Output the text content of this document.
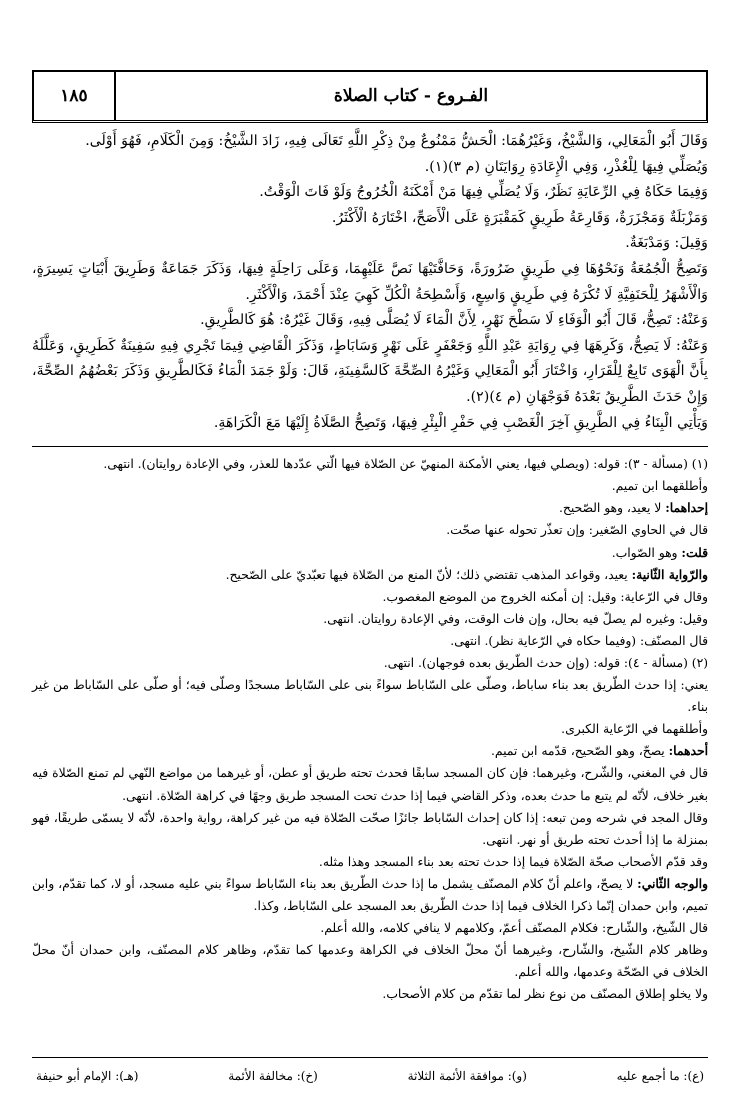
الفـروع - كتاب الصلاة
١٨٥

وَقَالَ أَبُو الْمَعَالِي، وَالشَّيْخُ، وَغَيْرُهُمَا: الْحَشُّ مَمْنُوعٌ مِنْ ذِكْرِ اللَّهِ تَعَالَى فِيهِ، زَادَ الشَّيْخُ: وَمِنَ الْكَلَامِ، فَهُوَ أَوْلَى.

وَيُصَلِّي فِيهَا لِلْعُذْرِ، وَفِي الْإِعَادَةِ رِوَايَتَانِ (م ٣)(١).

وَفِيمَا حَكَاهُ فِي الرِّعَايَةِ نَظَرٌ، وَلَا يُصَلِّي فِيهَا مَنْ أَمْكَنَهُ الْخُرُوجُ وَلَوْ فَاتَ الْوَقْتُ.

وَمَزْبَلَةٌ وَمَجْزَرَةٌ، وَقَارِعَةُ طَرِيقٍ كَمَقْبَرَةٍ عَلَى الْأَصَحِّ، اخْتَارَهُ الْأَكْثَرُ.

وَقِيلَ: وَمَدْبَغَةٌ.

وَتَصِحُّ الْجُمُعَةُ وَنَحْوُهَا فِي طَرِيقٍ ضَرُورَةً، وَحَافَّتَيْهَا نَصَّ عَلَيْهِمَا، وَعَلَى رَاحِلَةٍ فِيهَا، وَذَكَرَ جَمَاعَةٌ وَطَرِيقَ أَبْيَاتٍ يَسِيرَةٍ، وَالْأَشْهَرُ لِلْحَنَفِيَّةِ لَا تُكْرَهُ فِي طَرِيقٍ وَاسِعٍ، وَأَسْطِحَةُ الْكُلِّ كَهِيَ عِنْدَ أَحْمَدَ، وَالْأَكْثَرِ.

وَعَنْهُ: تَصِحُّ، قَالَ أَبُو الْوَفَاءِ لَا سَطْحَ نَهْرٍ، لِأَنَّ الْمَاءَ لَا يُصَلَّى فِيهِ، وَقَالَ غَيْرُهُ: هُوَ كَالطَّرِيقِ.

وَعَنْهُ: لَا يَصِحُّ، وَكَرِهَهَا فِي رِوَايَةِ عَبْدِ اللَّهِ وَجَعْفَرٍ عَلَى نَهْرٍ وَسَابَاطٍ، وَذَكَرَ الْقَاضِي فِيمَا تَجْرِي فِيهِ سَفِينَةٌ كَطَرِيقٍ، وَعَلَّلَهُ بِأَنَّ الْهَوَى تَابِعٌ لِلْقَرَارِ، وَاخْتَارَ أَبُو الْمَعَالِي وَغَيْرُهُ الصِّحَّةَ كَالسَّفِينَةِ، قَالَ: وَلَوْ جَمَدَ الْمَاءُ فَكَالطَّرِيقِ وَذَكَرَ بَعْضُهُمُ الصِّحَّةَ، وَإِنْ حَدَثَ الطَّرِيقُ بَعْدَهُ فَوَجْهَانِ (م ٤)(٢).

وَيَأْتِي الْبِنَاءُ فِي الطَّرِيقِ آخِرَ الْغَصْبِ فِي حَفْرِ الْبِئْرِ فِيهَا، وَتَصِحُّ الصَّلَاةُ إِلَيْهَا مَعَ الْكَرَاهَةِ.

(١) (مسألة - ٣): قوله: (ويصلي فيها، يعني الأمكنة المنهيّ عن الصّلاة فيها الّتي عدّدها للعذر، وفي الإعادة روايتان). انتهى.

وأطلقهما ابن تميم.

إحداهما: لا يعيد، وهو الصّحيح.

قال في الحاوي الصّغير: وإن تعذّر تحوله عنها صحّت.

قلت: وهو الصّواب.

والرّواية الثّانية: يعيد، وقواعد المذهب تقتضي ذلك؛ لأنّ المنع من الصّلاة فيها تعبّديّ على الصّحيح.

وقال في الرّعاية: وقيل: إن أمكنه الخروج من الموضع المغصوب.

وقيل: وغيره لم يصلّ فيه بحال، وإن فات الوقت، وفي الإعادة روايتان. انتهى.

قال المصنّف: (وفيما حكاه في الرّعاية نظر). انتهى.

(٢) (مسألة - ٤): قوله: (وإن حدث الطّريق بعده فوجهان). انتهى.

يعني: إذا حدث الطّريق بعد بناء ساباط، وصلّى على السّاباط سواءً بنى على السّاباط مسجدًا وصلّى فيه؛ أو صلّى على السّاباط من غير بناء.

وأطلقهما في الرّعاية الكبرى.

أحدهما: يصحّ، وهو الصّحيح، قدّمه ابن تميم.

قال في المغني، والشّرح، وغيرهما: فإن كان المسجد سابقًا فحدث تحته طريق أو عطن، أو غيرهما من مواضع النّهي لم تمنع الصّلاة فيه بغير خلاف، لأنّه لم يتبع ما حدث بعده، وذكر القاضي فيما إذا حدث تحت المسجد طريق وجهًا في كراهة الصّلاة. انتهى.

وقال المجد في شرحه ومن تبعه: إذا كان إحداث السّاباط جائزًا صحّت الصّلاة فيه من غير كراهة، رواية واحدة، لأنّه لا يسمّى طريقًا، فهو بمنزلة ما إذا أحدث تحته طريق أو نهر. انتهى.

وقد قدّم الأصحاب صحّة الصّلاة فيما إذا حدث تحته بعد بناء المسجد وهذا مثله.

والوجه الثّاني: لا يصحّ، واعلم أنّ كلام المصنّف يشمل ما إذا حدث الطّريق بعد بناء السّاباط سواءً بني عليه مسجد، أو لا، كما تقدّم، وابن تميم، وابن حمدان إنّما ذكرا الخلاف فيما إذا حدث الطّريق بعد المسجد على السّاباط، وكذا.

قال الشّيخ، والشّارح: فكلام المصنّف أعمّ، وكلامهم لا ينافي كلامه، والله أعلم.

وظاهر كلام الشّيخ، والشّارح، وغيرهما أنّ محلّ الخلاف في الكراهة وعدمها كما تقدّم، وظاهر كلام المصنّف، وابن حمدان أنّ محلّ الخلاف في الصّحّة وعدمها، والله أعلم.

ولا يخلو إطلاق المصنّف من نوع نظر لما تقدّم من كلام الأصحاب.

(ع): ما أجمع عليه
(و): موافقة الأئمة الثلاثة
(خ): مخالفة الأئمة
(هـ): الإمام أبو حنيفة
